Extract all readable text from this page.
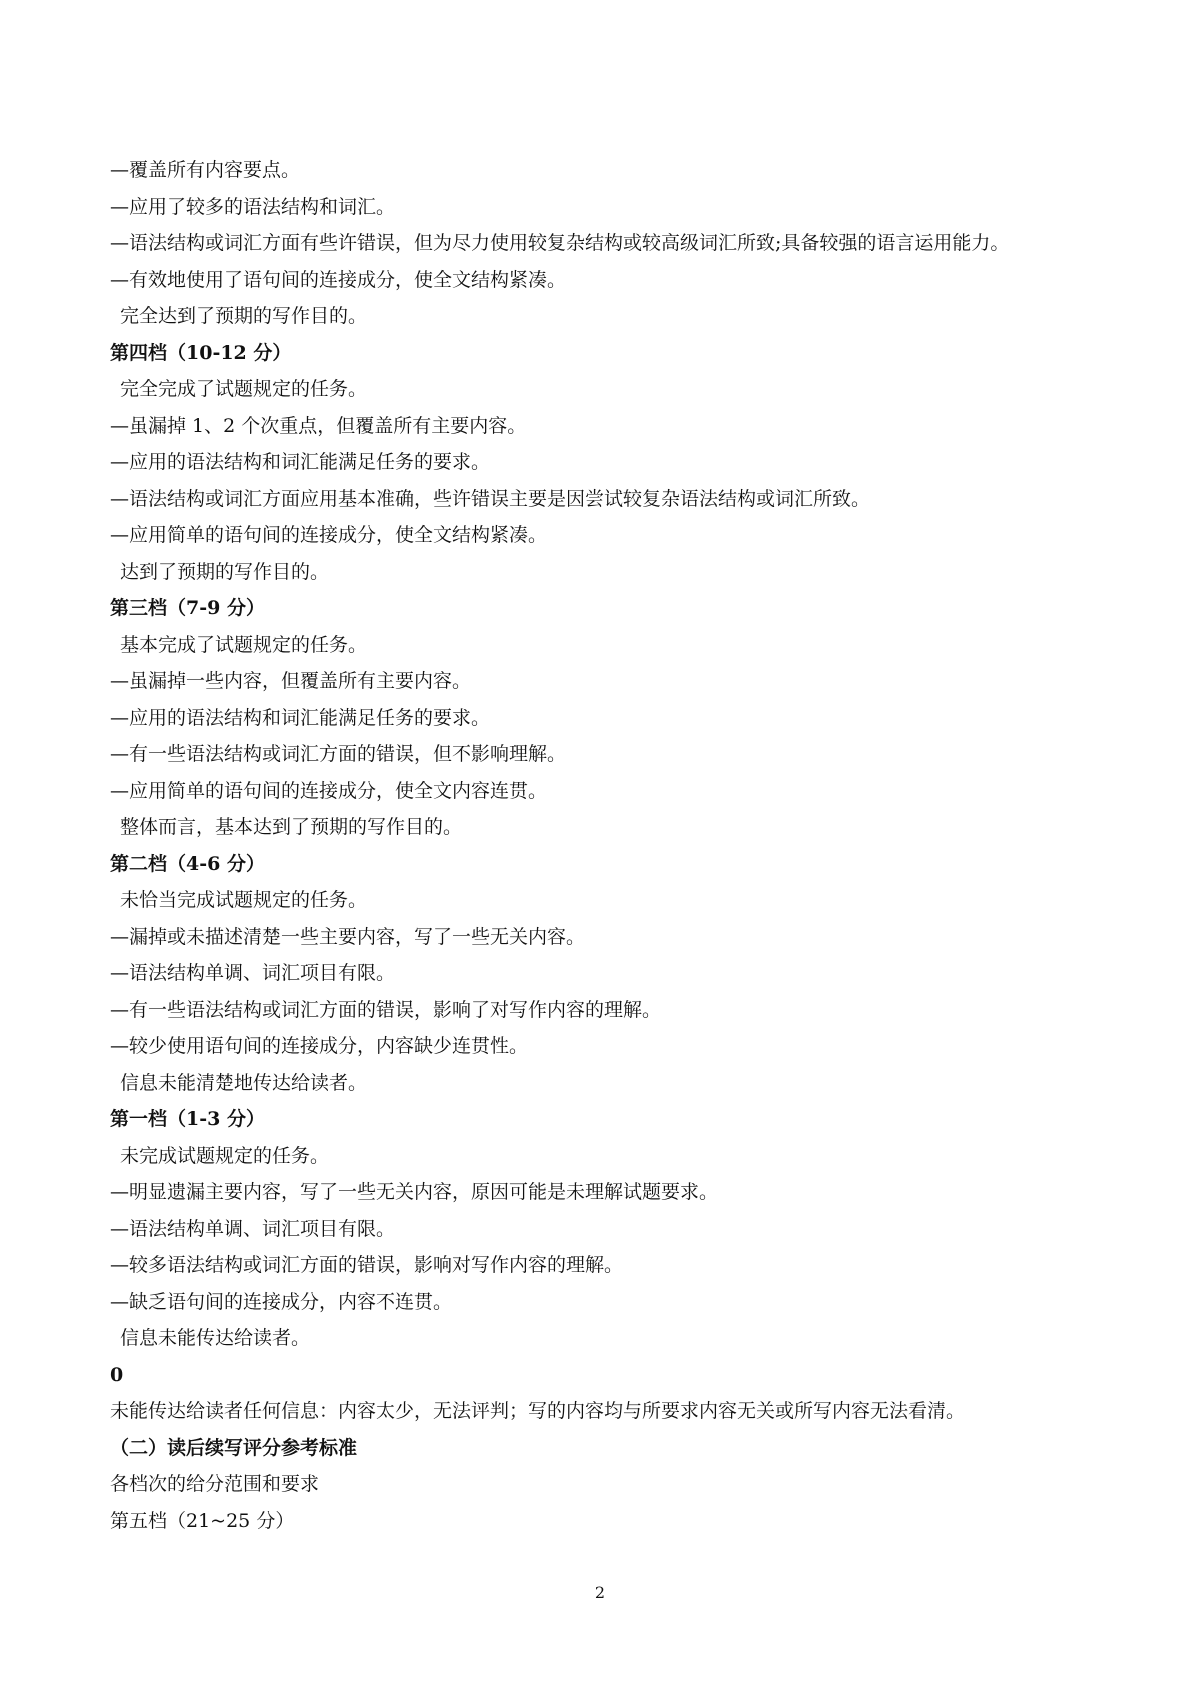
—覆盖所有内容要点。
—应用了较多的语法结构和词汇。
—语法结构或词汇方面有些许错误，但为尽力使用较复杂结构或较高级词汇所致;具备较强的语言运用能力。
—有效地使用了语句间的连接成分，使全文结构紧凑。
完全达到了预期的写作目的。
第四档（10-12 分）
完全完成了试题规定的任务。
—虽漏掉 1、2 个次重点，但覆盖所有主要内容。
—应用的语法结构和词汇能满足任务的要求。
—语法结构或词汇方面应用基本准确，些许错误主要是因尝试较复杂语法结构或词汇所致。
—应用简单的语句间的连接成分，使全文结构紧凑。
达到了预期的写作目的。
第三档（7-9 分）
基本完成了试题规定的任务。
—虽漏掉一些内容，但覆盖所有主要内容。
—应用的语法结构和词汇能满足任务的要求。
—有一些语法结构或词汇方面的错误，但不影响理解。
—应用简单的语句间的连接成分，使全文内容连贯。
整体而言，基本达到了预期的写作目的。
第二档（4-6 分）
未恰当完成试题规定的任务。
—漏掉或未描述清楚一些主要内容，写了一些无关内容。
—语法结构单调、词汇项目有限。
—有一些语法结构或词汇方面的错误，影响了对写作内容的理解。
—较少使用语句间的连接成分，内容缺少连贯性。
信息未能清楚地传达给读者。
第一档（1-3 分）
未完成试题规定的任务。
—明显遗漏主要内容，写了一些无关内容，原因可能是未理解试题要求。
—语法结构单调、词汇项目有限。
—较多语法结构或词汇方面的错误，影响对写作内容的理解。
—缺乏语句间的连接成分，内容不连贯。
信息未能传达给读者。
0
未能传达给读者任何信息：内容太少，无法评判；写的内容均与所要求内容无关或所写内容无法看清。
（二）读后续写评分参考标准
各档次的给分范围和要求
第五档（21~25 分）
2
